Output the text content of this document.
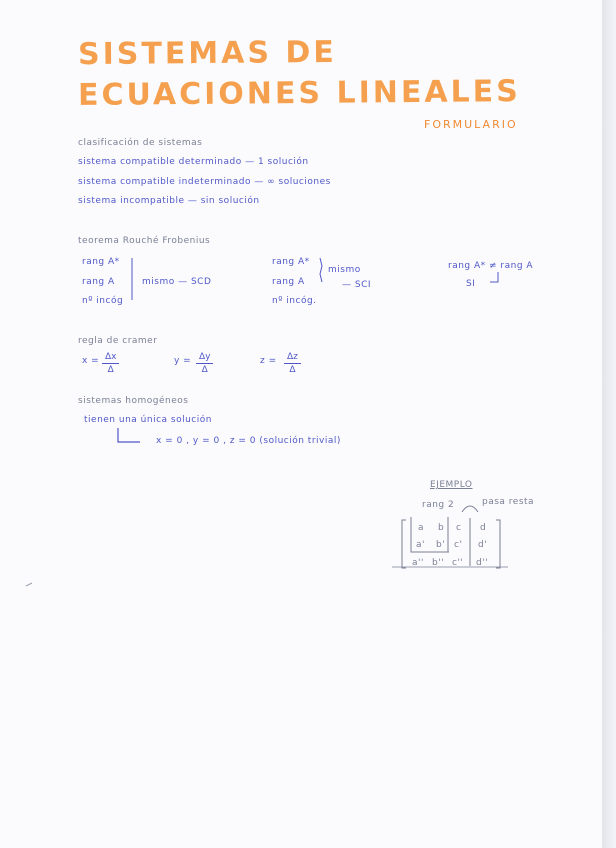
SISTEMAS DE
ECUACIONES LINEALES
FORMULARIO
clasificación de sistemas
sistema compatible determinado — 1 solución
sistema compatible indeterminado — ∞ soluciones
sistema incompatible — sin solución
teorema Rouché Frobenius
rang A*
rang A
nº incóg
mismo — SCD
rang A*
rang A
nº incóg.
mismo
— SCI
rang A* ≠ rang A
SI
regla de cramer
$x = \frac{\Delta x}{\Delta}$	$y = \frac{\Delta y}{\Delta}$	$z = \frac{\Delta z}{\Delta}$
sistemas homogéneos
tienen una única solución
x = 0 , y = 0 , z = 0 (solución trivial)
EJEMPLO
rang 2	pasa resta
a b c d
a' b' c' d'
a'' b'' c'' d''
